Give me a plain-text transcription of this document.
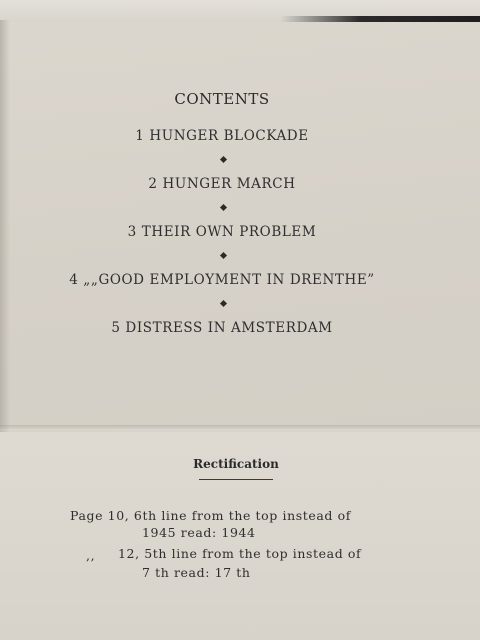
CONTENTS
1 HUNGER BLOCKADE
2 HUNGER MARCH
3 THEIR OWN PROBLEM
4 „„GOOD EMPLOYMENT IN DRENTHE”
5 DISTRESS IN AMSTERDAM
Rectification
Page 10, 6th line from the top instead of
1945 read: 1944
,, 12, 5th line from the top instead of
7 th read: 17 th
